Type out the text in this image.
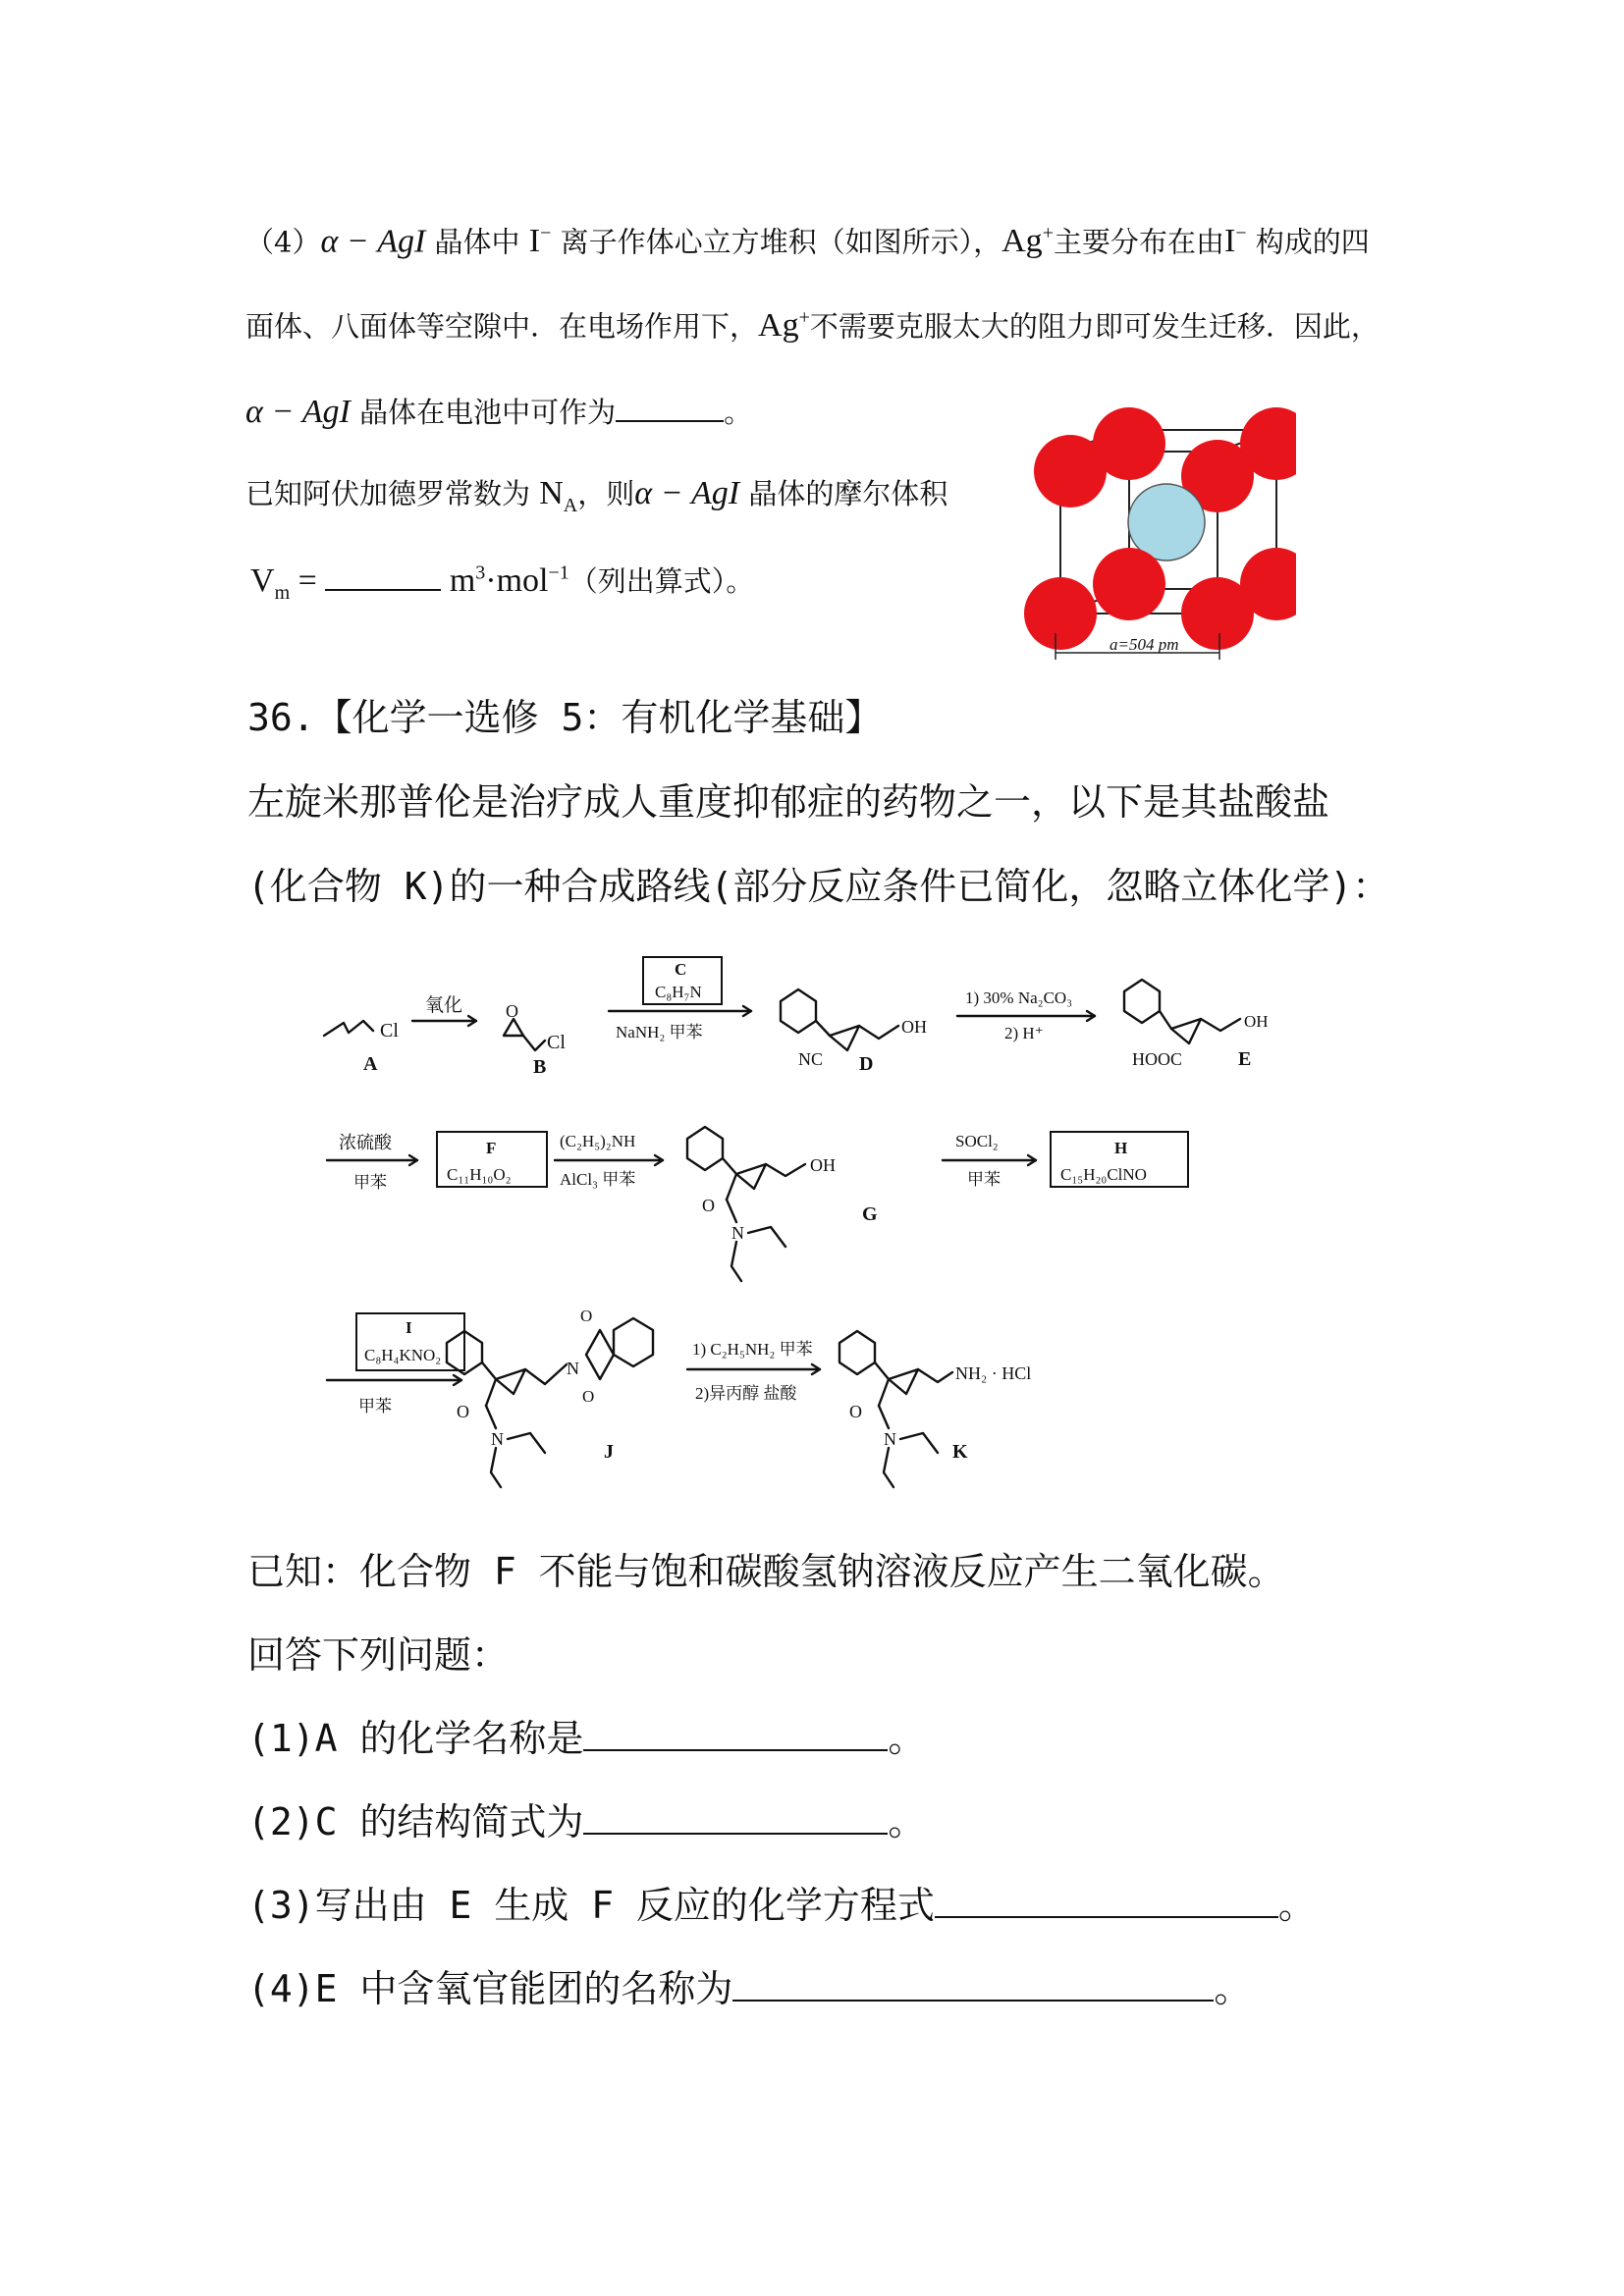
（4）α − AgI 晶体中 I− 离子作体心立方堆积（如图所示），Ag+主要分布在由I− 构成的四
面体、八面体等空隙中．在电场作用下，Ag+不需要克服太大的阻力即可发生迁移．因此，
α − AgI 晶体在电池中可作为	。
已知阿伏加德罗常数为 $N_A$，则α − AgI 晶体的摩尔体积
$V_m$ =	$m^3\cdot mol^{-1}$（列出算式）。
a=504 pm
36.【化学一选修 5：有机化学基础】
左旋米那普伦是治疗成人重度抑郁症的药物之一，以下是其盐酸盐
(化合物 K)的一种合成路线(部分反应条件已简化，忽略立体化学)：
Cl
A
氧化 O
Cl
B
C
C₈H₇N
NaNH₂ 甲苯	OH
NC D
1) 30% Na₂CO₃
2) H⁺
OH
HOOC	E
浓硫酸
甲苯
F
C₁₁H₁₀O₂
(C₂H₅)₂NH
AlCl₃ 甲苯
OH
O
N
G
SOCl₂
甲苯
H
C₁₅H₂₀ClNO
I
C₈H₄KNO₂
甲苯
N
O
O
O
N
J
1) C₂H₅NH₂ 甲苯
2)异丙醇 盐酸
NH₂ · HCl
O
N
K
已知：化合物 F 不能与饱和碳酸氢钠溶液反应产生二氧化碳。
回答下列问题：
(1)A 的化学名称是	。
(2)C 的结构简式为	。
(3)写出由 E 生成 F 反应的化学方程式	。
(4)E 中含氧官能团的名称为	。
